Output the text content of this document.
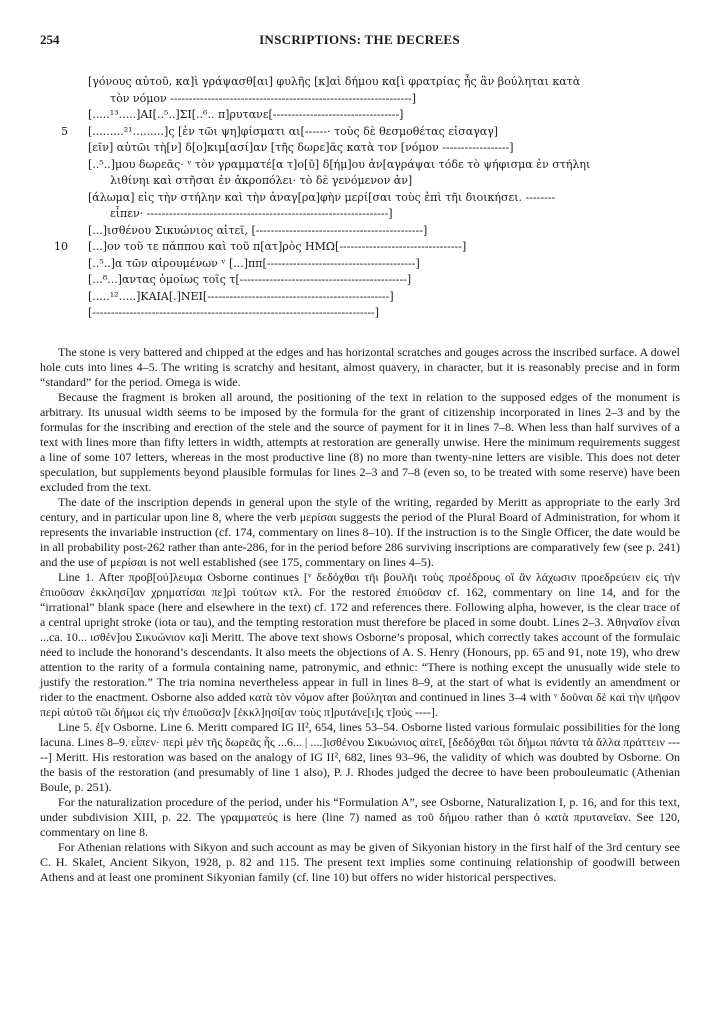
254	INSCRIPTIONS: THE DECREES
[γόνους αὐτοῦ, κα]ὶ γράψασθ[αι] φυλῆς [κ]αὶ δήμου κα[ὶ φρατρίας ἧς ἂν βούληται κατὰ
τὸν νόμον -----------------------------------------------------------------]
[.....¹³.....]ΑΙ[..⁵..]ΣΙ[..⁶.. π]ρυτανε[----------------------------------]
5 [.........²¹.........]ς [ἐν τῶι ψη]φίσματι αι[------· τοὺς δὲ θεσμοθέτας εἰσαγαγ]
[εῖν] αὐτῶι τὴ[ν] δ[ο]κιμ[ασί]αν [τῆς δωρε]ᾶς κατὰ τον [νόμον ------------------]
[..⁵..]μου δωρεᾶς· ᵛ τὸν γραμματέ[α τ]ο[ῦ] δ[ήμ]ου ἀν[αγράψαι τόδε τὸ ψήφισμα ἐν στήληι
λιθίνηι καὶ στῆσαι ἐν ἀκροπόλει· τὸ δὲ γενόμενον ἀν]
[άλωμα] εἰς τὴν στήλην καὶ τὴν ἀναγ[ρα]φὴν μερί[σαι τοὺς ἐπὶ τῆι διοικήσει. --------
εἶπεν· -----------------------------------------------------------------]
[...]ισθένου Σικυώνιος αἰτεῖ, [---------------------------------------------]
10 [...]ον τοῦ τε πάππου καὶ τοῦ π[ατ]ρὸς ΗΜΩ[---------------------------------]
[..⁵..]α τῶν αἱρουμένων ᵛ [...]ππ[----------------------------------------]
[...⁸...]αντας ὁμοίως τοῖς τ[---------------------------------------------]
[.....¹².....]ΚΑΙΑ[.]ΝΕΙ[-------------------------------------------------]
[----------------------------------------------------------------------------]

The stone is very battered and chipped at the edges and has horizontal scratches and gouges across the inscribed surface. A dowel hole cuts into lines 4–5. The writing is scratchy and hesitant, almost quavery, in character, but it is reasonably precise and in form “standard” for the period. Omega is wide.

Because the fragment is broken all around, the positioning of the text in relation to the supposed edges of the monument is arbitrary. Its unusual width seems to be imposed by the formula for the grant of citizenship incorporated in lines 2–3 and by the formulas for the inscribing and erection of the stele and the source of payment for it in lines 7–8. When less than half survives of a text with lines more than fifty letters in width, attempts at restoration are generally unwise. Here the minimum requirements suggest a line of some 107 letters, whereas in the most productive line (8) no more than twenty-nine letters are visible. This does not deter speculation, but supplements beyond plausible formulas for lines 2–3 and 7–8 (even so, to be treated with some reserve) have been excluded from the text.

The date of the inscription depends in general upon the style of the writing, regarded by Meritt as appropriate to the early 3rd century, and in particular upon line 8, where the verb μερίσαι suggests the period of the Plural Board of Administration, for whom it represents the invariable instruction (cf. 174, commentary on lines 8–10). If the instruction is to the Single Officer, the date would be in all probability post-262 rather than ante-286, for in the period before 286 surviving inscriptions are comparatively few (see p. 241) and the use of μερίσαι is not well established (see 175, commentary on lines 4–5).

Line 1. After προβ[ού]λευμα Osborne continues [ᵛ δεδόχθαι τῆι βουλῆι τοὺς προέδρους οἳ ἂν λάχωσιν προεδρεύειν εἰς τὴν ἐπιοῦσαν ἐκκλησί]αν χρηματίσαι πε]ρὶ τούτων κτλ. For the restored ἐπιοῦσαν cf. 162, commentary on line 14, and for the “irrational” blank space (here and elsewhere in the text) cf. 172 and references there. Following alpha, however, is the clear trace of a central upright stroke (iota or tau), and the tempting restoration must therefore be placed in some doubt. Lines 2–3. Ἀθηναῖον εἶναι ...ca. 10... ισθέν]ου Σικυώνιον κα]ὶ Meritt. The above text shows Osborne’s proposal, which correctly takes account of the formulaic need to include the honorand’s descendants. It also meets the objections of A. S. Henry (Honours, pp. 65 and 91, note 19), who drew attention to the rarity of a formula containing name, patronymic, and ethnic: “There is nothing except the unusually wide stele to justify the restoration.” The tria nomina nevertheless appear in full in lines 8–9, at the start of what is evidently an amendment or rider to the enactment. Osborne also added κατὰ τὸν νόμον after βούληται and continued in lines 3–4 with ᵛ δοῦναι δὲ καὶ τὴν ψῆφον περὶ αὐτοῦ τῶι δήμωι εἰς τὴν ἐπιοῦσα]ν [ἐκκλ]ησί[αν τοὺς π]ρυτάνε[ι]ς τ]ούς ----].

Line 5. ἐ[ν Osborne. Line 6. Meritt compared IG II², 654, lines 53–54. Osborne listed various formulaic possibilities for the long lacuna. Lines 8–9. εἶπεν· περὶ μὲν τῆς δωρεᾶς ἧς ...6... | ....]ισθένου Σικυώνιος αἰτεῖ, [δεδόχθαι τῶι δήμωι πάντα τὰ ἄλλα πράττειν -----] Meritt. His restoration was based on the analogy of IG II², 682, lines 93–96, the validity of which was doubted by Osborne. On the basis of the restoration (and presumably of line 1 also), P. J. Rhodes judged the decree to have been probouleumatic (Athenian Boule, p. 251).

For the naturalization procedure of the period, under his “Formulation A”, see Osborne, Naturalization I, p. 16, and for this text, under subdivision XIII, p. 22. The γραμματεύς is here (line 7) named as τοῦ δήμου rather than ὁ κατὰ πρυτανεῖαν. See 120, commentary on line 8.

For Athenian relations with Sikyon and such account as may be given of Sikyonian history in the first half of the 3rd century see C. H. Skalet, Ancient Sikyon, 1928, p. 82 and 115. The present text implies some continuing relationship of goodwill between Athens and at least one prominent Sikyonian family (cf. line 10) but offers no wider historical perspectives.
